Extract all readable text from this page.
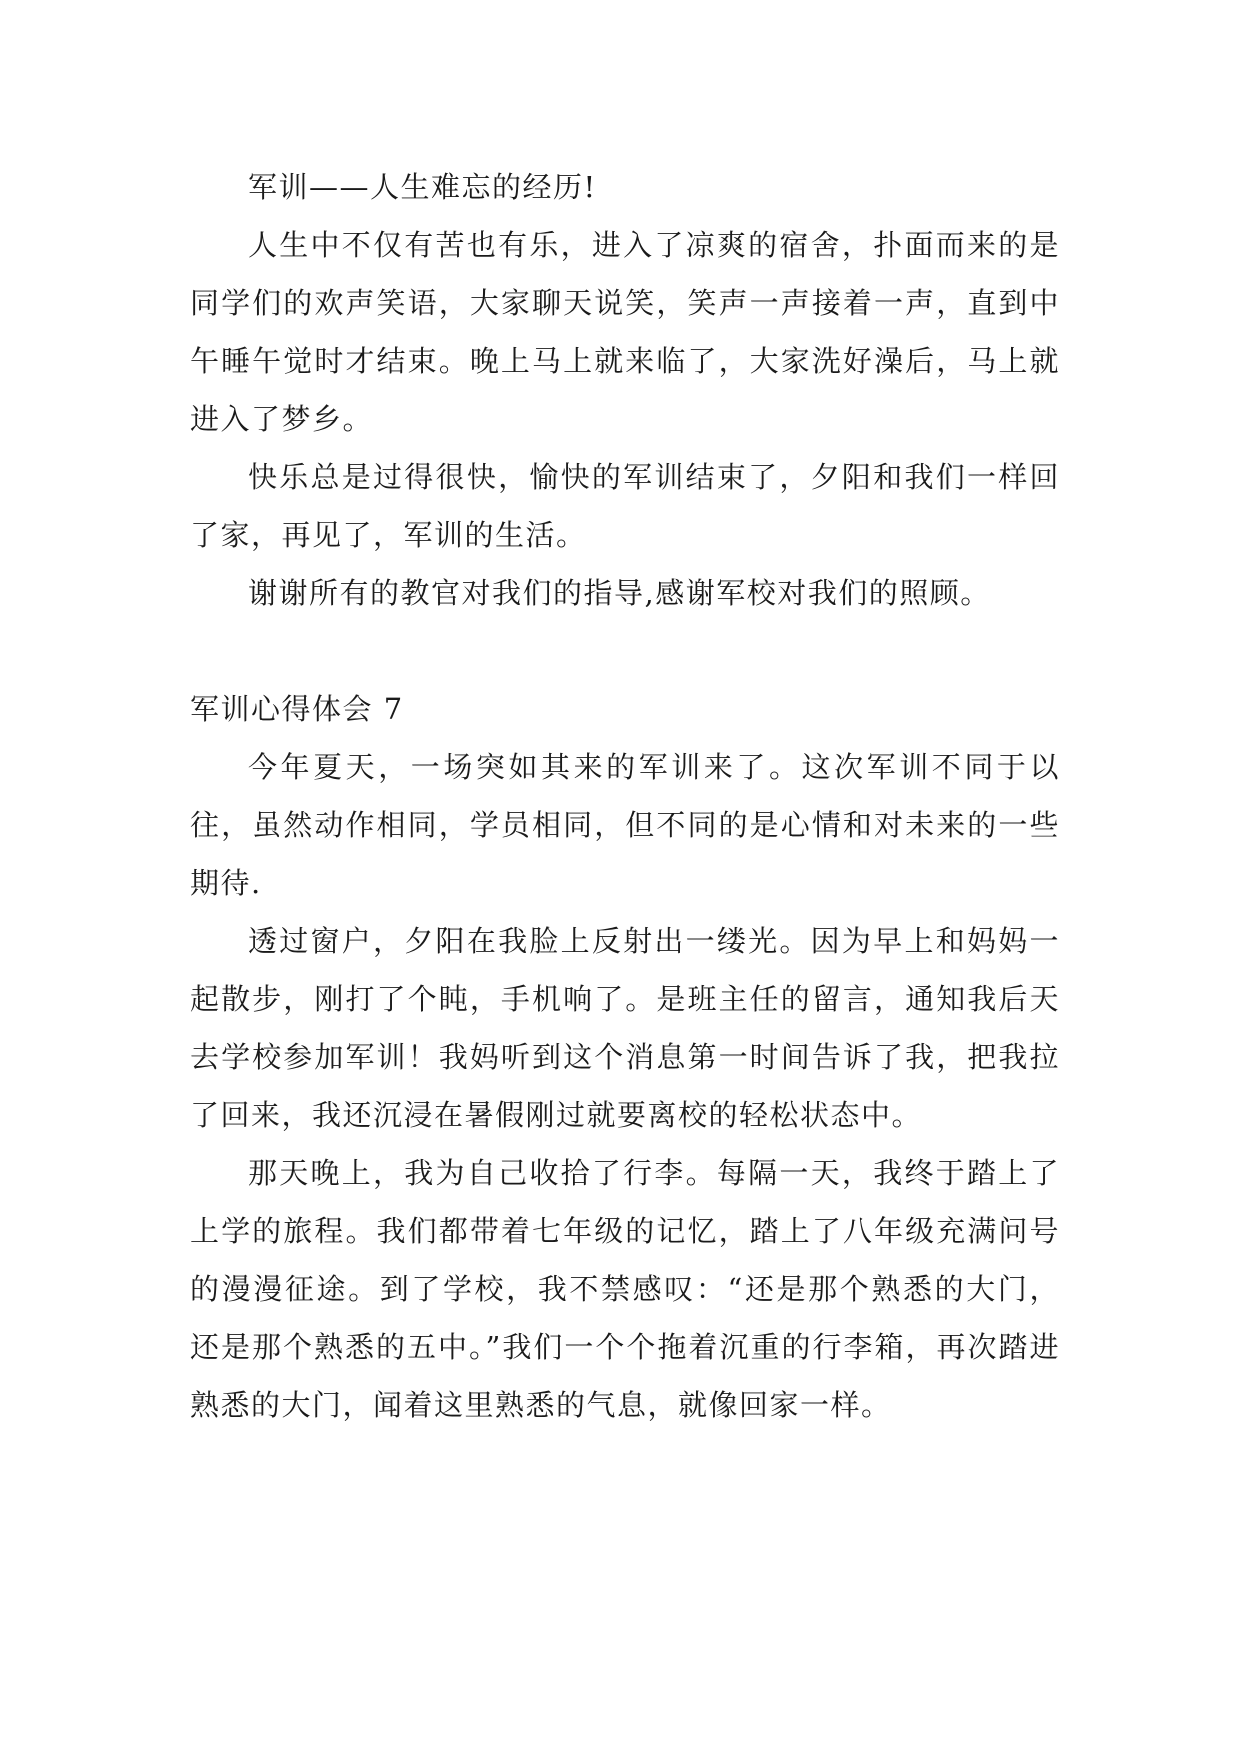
军训——人生难忘的经历!

人生中不仅有苦也有乐，进入了凉爽的宿舍，扑面而来的是同学们的欢声笑语，大家聊天说笑，笑声一声接着一声，直到中午睡午觉时才结束。晚上马上就来临了，大家洗好澡后，马上就进入了梦乡。

快乐总是过得很快，愉快的军训结束了，夕阳和我们一样回了家，再见了，军训的生活。

谢谢所有的教官对我们的指导,感谢军校对我们的照顾。

军训心得体会 7

今年夏天，一场突如其来的军训来了。这次军训不同于以往，虽然动作相同，学员相同，但不同的是心情和对未来的一些期待.

透过窗户，夕阳在我脸上反射出一缕光。因为早上和妈妈一起散步，刚打了个盹，手机响了。是班主任的留言，通知我后天去学校参加军训！我妈听到这个消息第一时间告诉了我，把我拉了回来，我还沉浸在暑假刚过就要离校的轻松状态中。

那天晚上，我为自己收拾了行李。每隔一天，我终于踏上了上学的旅程。我们都带着七年级的记忆，踏上了八年级充满问号的漫漫征途。到了学校，我不禁感叹：“还是那个熟悉的大门，还是那个熟悉的五中。”我们一个个拖着沉重的行李箱，再次踏进熟悉的大门，闻着这里熟悉的气息，就像回家一样。
